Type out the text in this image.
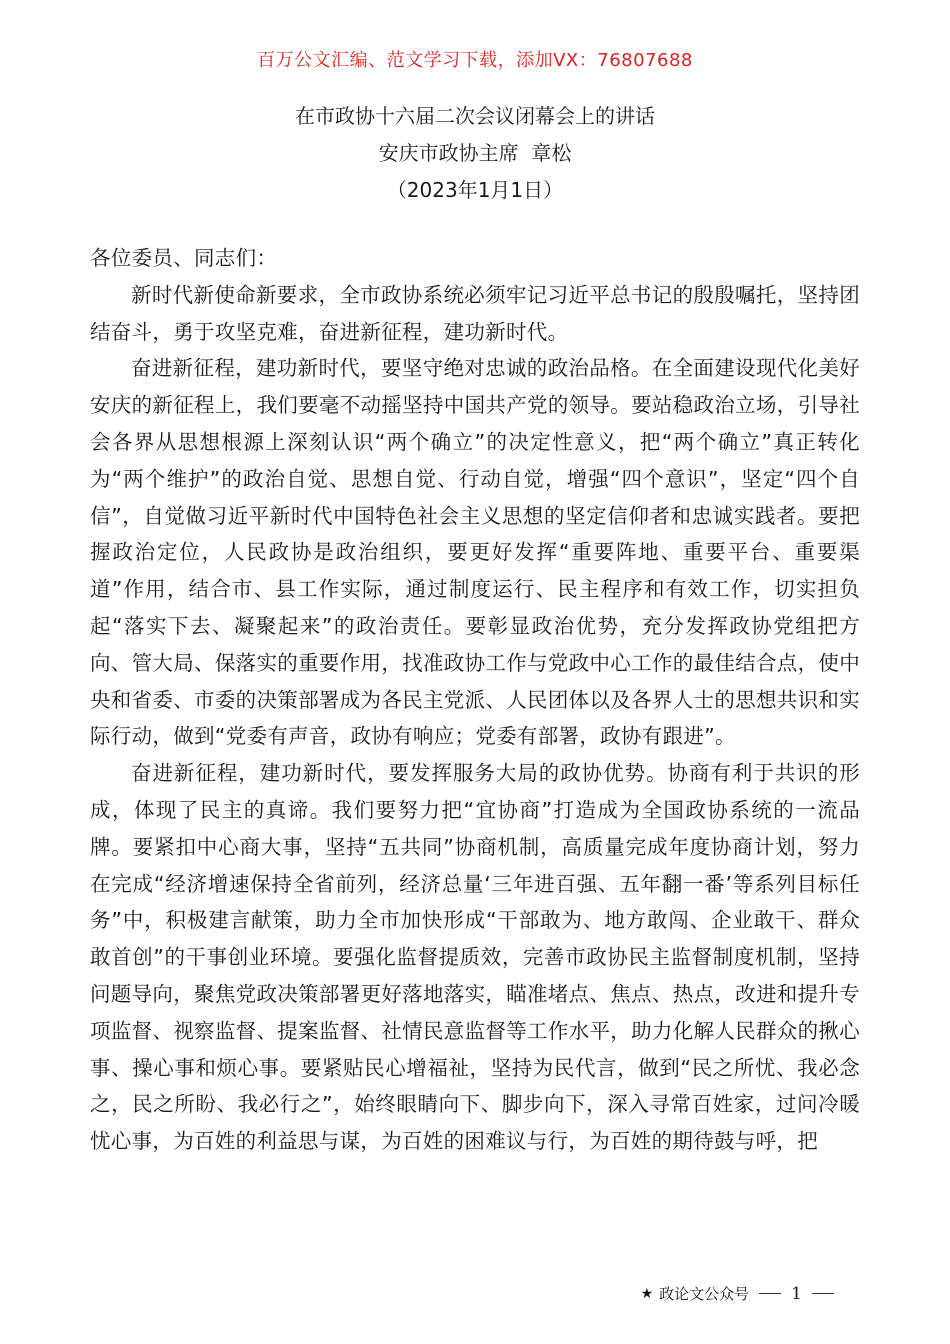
百万公文汇编、范文学习下载，添加VX：76807688
在市政协十六届二次会议闭幕会上的讲话
安庆市政协主席  章松
（2023年1月1日）

各位委员、同志们：

新时代新使命新要求，全市政协系统必须牢记习近平总书记的殷殷嘱托，坚持团结奋斗，勇于攻坚克难，奋进新征程，建功新时代。

奋进新征程，建功新时代，要坚守绝对忠诚的政治品格。在全面建设现代化美好安庆的新征程上，我们要毫不动摇坚持中国共产党的领导。要站稳政治立场，引导社会各界从思想根源上深刻认识“两个确立”的决定性意义，把“两个确立”真正转化为“两个维护”的政治自觉、思想自觉、行动自觉，增强“四个意识”，坚定“四个自信”，自觉做习近平新时代中国特色社会主义思想的坚定信仰者和忠诚实践者。要把握政治定位，人民政协是政治组织，要更好发挥“重要阵地、重要平台、重要渠道”作用，结合市、县工作实际，通过制度运行、民主程序和有效工作，切实担负起“落实下去、凝聚起来”的政治责任。要彰显政治优势，充分发挥政协党组把方向、管大局、保落实的重要作用，找准政协工作与党政中心工作的最佳结合点，使中央和省委、市委的决策部署成为各民主党派、人民团体以及各界人士的思想共识和实际行动，做到“党委有声音，政协有响应；党委有部署，政协有跟进”。

奋进新征程，建功新时代，要发挥服务大局的政协优势。协商有利于共识的形成，体现了民主的真谛。我们要努力把“宜协商”打造成为全国政协系统的一流品牌。要紧扣中心商大事，坚持“五共同”协商机制，高质量完成年度协商计划，努力在完成“经济增速保持全省前列，经济总量‘三年进百强、五年翻一番’等系列目标任务”中，积极建言献策，助力全市加快形成“干部敢为、地方敢闯、企业敢干、群众敢首创”的干事创业环境。要强化监督提质效，完善市政协民主监督制度机制，坚持问题导向，聚焦党政决策部署更好落地落实，瞄准堵点、焦点、热点，改进和提升专项监督、视察监督、提案监督、社情民意监督等工作水平，助力化解人民群众的揪心事、操心事和烦心事。要紧贴民心增福祉，坚持为民代言，做到“民之所忧、我必念之，民之所盼、我必行之”，始终眼睛向下、脚步向下，深入寻常百姓家，过问冷暖忧心事，为百姓的利益思与谋，为百姓的困难议与行，为百姓的期待鼓与呼，把

★ 政论文公众号 1
